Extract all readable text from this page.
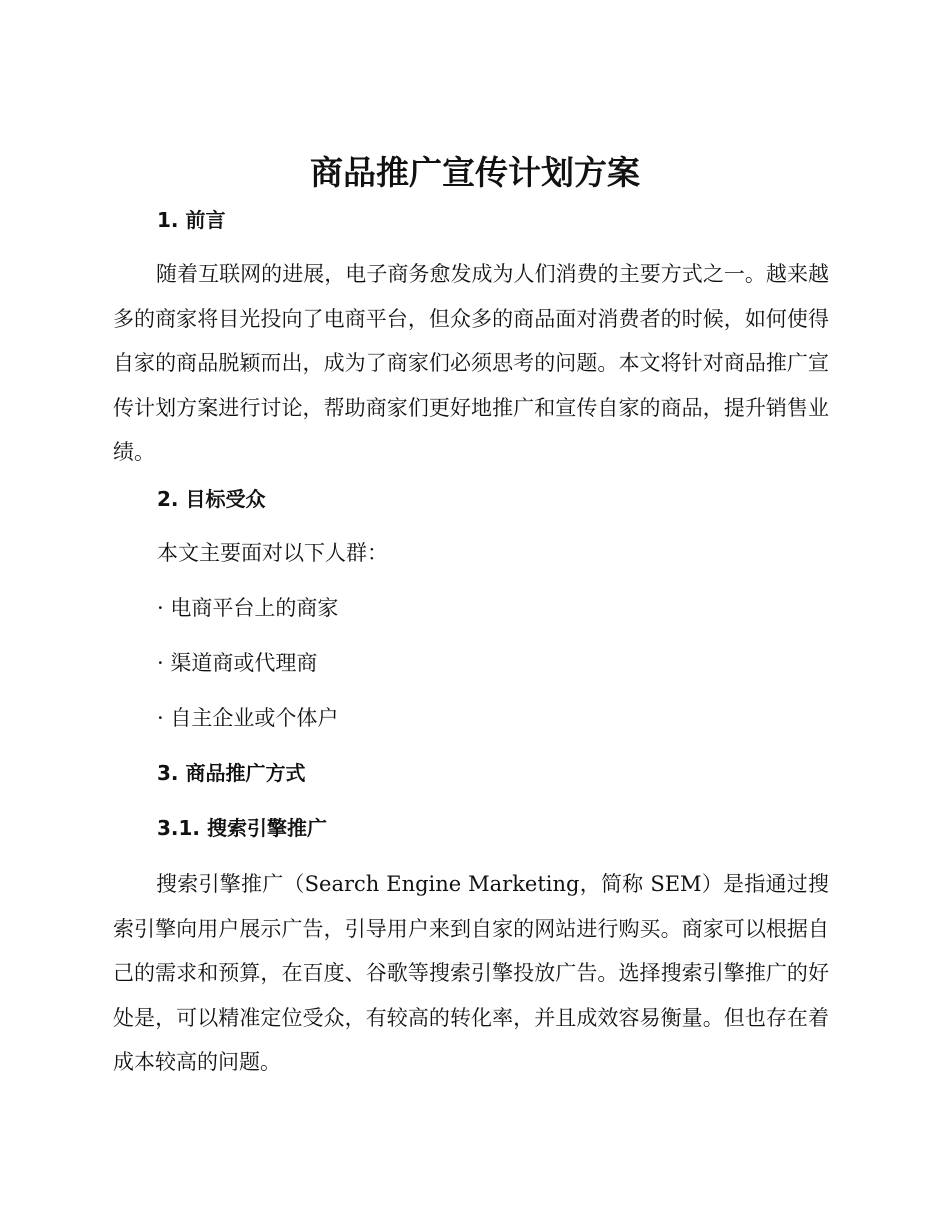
商品推广宣传计划方案
1. 前言

随着互联网的进展，电子商务愈发成为人们消费的主要方式之一。越来越多的商家将目光投向了电商平台，但众多的商品面对消费者的时候，如何使得自家的商品脱颖而出，成为了商家们必须思考的问题。本文将针对商品推广宣传计划方案进行讨论，帮助商家们更好地推广和宣传自家的商品，提升销售业绩。

2. 目标受众

本文主要面对以下人群：

· 电商平台上的商家

· 渠道商或代理商

· 自主企业或个体户

3. 商品推广方式
3.1. 搜索引擎推广

搜索引擎推广（Search Engine Marketing，简称 SEM）是指通过搜索引擎向用户展示广告，引导用户来到自家的网站进行购买。商家可以根据自己的需求和预算，在百度、谷歌等搜索引擎投放广告。选择搜索引擎推广的好处是，可以精准定位受众，有较高的转化率，并且成效容易衡量。但也存在着成本较高的问题。
